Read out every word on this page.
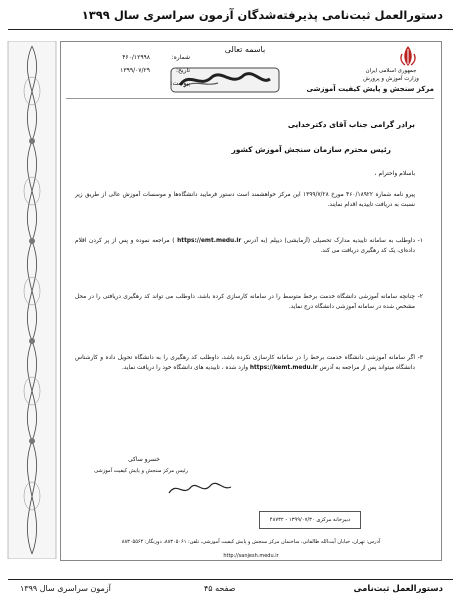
دستورالعمل ثبت‌نامی پذیرفته‌شدگان آزمون سراسری سال ۱۳۹۹
باسمه تعالی
جمهوری اسلامی ایران
وزارت آموزش و پرورش
مرکز سنجش و پایش کیفیت آموزشی
شماره:
۴۶۰/۱۲۹۹۸
تاریخ:
۱۳۹۹/۰۷/۲۹
پیوست:
برادر گرامی جناب آقای دکترخدایی
رئیس محترم سازمان سنجش آموزش کشور
باسلام واحترام ،
پیرو نامه شماره ۴۶۰/۱۸۹۲۲ مورخ ۱۳۹۹/۷/۲۸ این مرکز خواهشمند است دستور فرمایید دانشگاه‌ها و موسسات آموزش عالی از طریق زیر نسبت به دریافت تاییدیه اقدام نمایند.
۱-
داوطلب به سامانه تاییدیه مدارک تحصیلی (آزمایشی) دیپلم (به آدرس https://emt.medu.ir ) مراجعه نموده و پس از پر کردن اقلام داده‌ای، یک کد رهگیری دریافت می کند.
۲-
چنانچه سامانه آموزشی دانشگاه خدمت برخط متوسط را در سامانه کارسازی کرده باشد، داوطلب می تواند کد رهگیری دریافتی را در محل مشخص شده در سامانه آموزشی دانشگاه درج نماید.
۳-
اگر سامانه آموزشی دانشگاه خدمت برخط را در سامانه کارسازی نکرده باشد، داوطلب کد رهگیری را به دانشگاه تحویل داده و کارشناس دانشگاه میتواند پس از مراجعه به آدرس https://kemt.medu.ir وارد شده ، تاییدیه های دانشگاه خود را دریافت نماید.
خسرو ساکی
رئیس مرکز سنجش و پایش کیفیت آموزشی
دبیرخانه مرکزی ۱۳۹۹/۰۷/۳۰ - ۴۸۷۳۲
آدرس: تهران، خیابان آیت‌الله طالقانی، ساختمان مرکز سنجش و پایش کیفیت آموزشی، تلفن: ۸۸۳۰۵۰۶۱، دورنگار: ۸۸۳۰۵۵۶۴
http://sanjesh.medu.ir
دستورالعمل ثبت‌نامی
صفحه ۴۵
آزمون سراسری سال ۱۳۹۹
